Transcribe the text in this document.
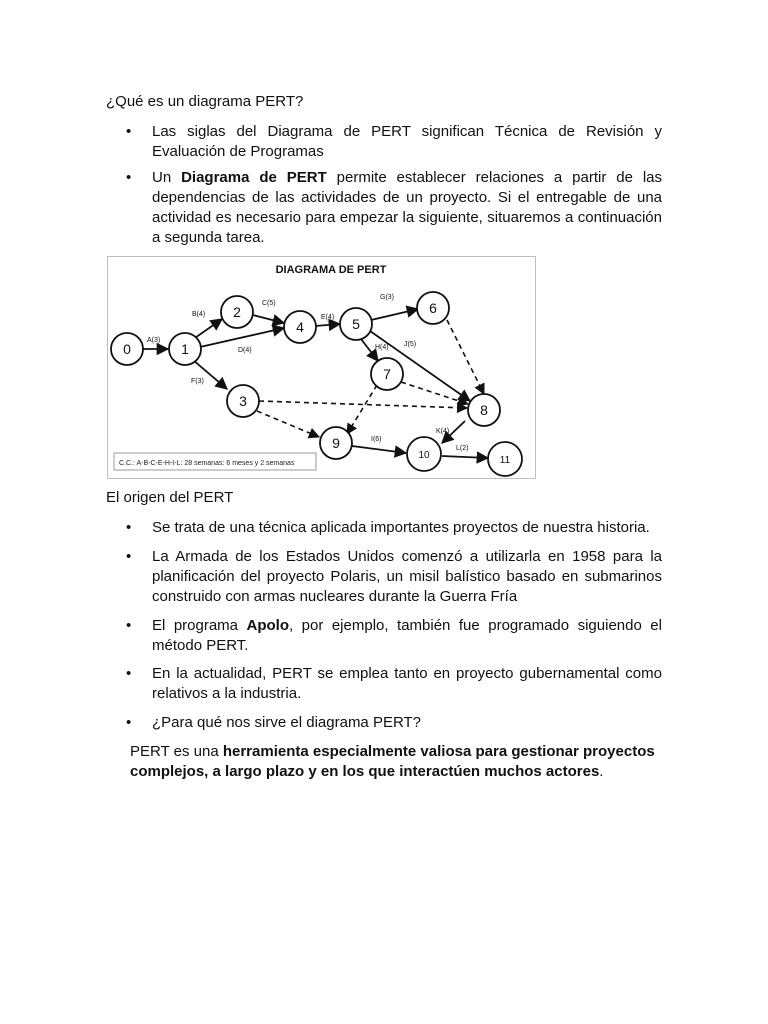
¿Qué es un diagrama PERT?
• Las siglas del Diagrama de PERT significan Técnica de Revisión y Evaluación de Programas
• Un Diagrama de PERT permite establecer relaciones a partir de las dependencias de las actividades de un proyecto. Si el entregable de una actividad es necesario para empezar la siguiente, situaremos a continuación a segunda tarea.
DIAGRAMA DE PERT
0	1
2
3
4	5
6
7
8
9
10	11
A(3)
B(4)
C(5)
D(4)
E(4)
F(3)
G(3)
H(4) J(5)
I(6)
K(4)
L(2)
C.C.: A-B-C-E-H-I-L: 28 semanas: 6 meses y 2 semanas
El origen del PERT
• Se trata de una técnica aplicada importantes proyectos de nuestra historia.
• La Armada de los Estados Unidos comenzó a utilizarla en 1958 para la planificación del proyecto Polaris, un misil balístico basado en submarinos construido con armas nucleares durante la Guerra Fría
• El programa Apolo, por ejemplo, también fue programado siguiendo el método PERT.
• En la actualidad, PERT se emplea tanto en proyecto gubernamental como relativos a la industria.
• ¿Para qué nos sirve el diagrama PERT?
PERT es una herramienta especialmente valiosa para gestionar proyectos complejos, a largo plazo y en los que interactúen muchos actores.
